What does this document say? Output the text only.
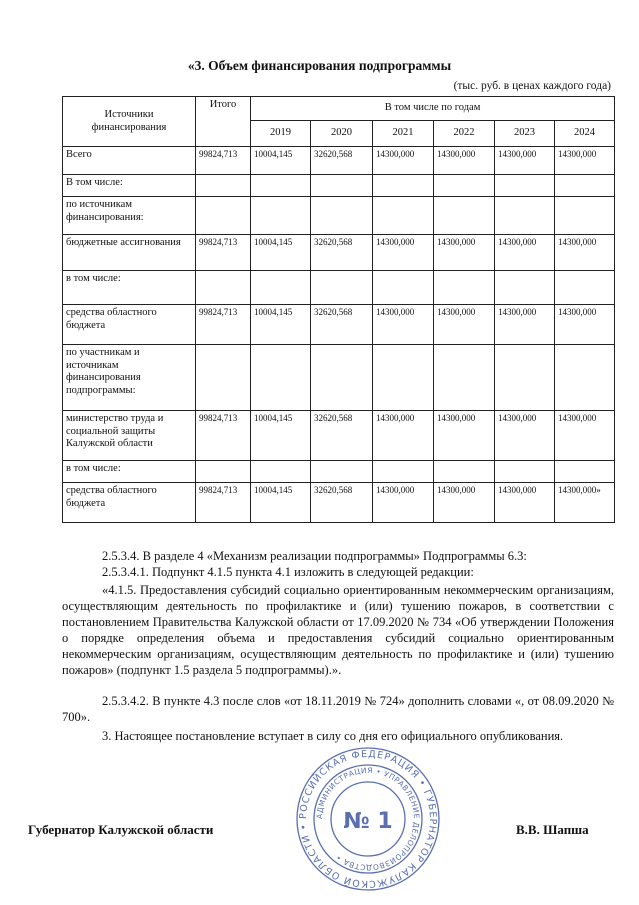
«3. Объем финансирования подпрограммы
(тыс. руб. в ценах каждого года)
Источники финансирования	Итого	В том числе по годам					
		2019	2020	2021	2022	2023	2024
Всего	99824,713	10004,145	32620,568	14300,000	14300,000	14300,000	14300,000
В том числе:							
по источникам финансирования:							
бюджетные ассигнования	99824,713	10004,145	32620,568	14300,000	14300,000	14300,000	14300,000
в том числе:							
средства областного бюджета	99824,713	10004,145	32620,568	14300,000	14300,000	14300,000	14300,000
по участникам и источникам финансирования подпрограммы:							
министерство труда и социальной защиты Калужской области	99824,713	10004,145	32620,568	14300,000	14300,000	14300,000	14300,000
в том числе:							
средства областного бюджета	99824,713	10004,145	32620,568	14300,000	14300,000	14300,000	14300,000»
2.5.3.4. В разделе 4 «Механизм реализации подпрограммы» Подпрограммы 6.3:
2.5.3.4.1. Подпункт 4.1.5 пункта 4.1 изложить в следующей редакции:
«4.1.5. Предоставления субсидий социально ориентированным некоммерческим организациям, осуществляющим деятельность по профилактике и (или) тушению пожаров, в соответствии с постановлением Правительства Калужской области от 17.09.2020 № 734 «Об утверждении Положения о порядке определения объема и предоставления субсидий социально ориентированным некоммерческим организациям, осуществляющим деятельность по профилактике и (или) тушению пожаров» (подпункт 1.5 раздела 5 подпрограммы).».
2.5.3.4.2. В пункте 4.3 после слов «от 18.11.2019 № 724» дополнить словами «, от 08.09.2020 № 700».
3. Настоящее постановление вступает в силу со дня его официального опубликования.
РОССИЙСКАЯ ФЕДЕРАЦИЯ • ГУБЕРНАТОР КАЛУЖСКОЙ ОБЛАСТИ •
АДМИНИСТРАЦИЯ • УПРАВЛЕНИЕ ДЕЛОПРОИЗВОДСТВА •
№ 1
Губернатор Калужской области	В.В. Шапша
